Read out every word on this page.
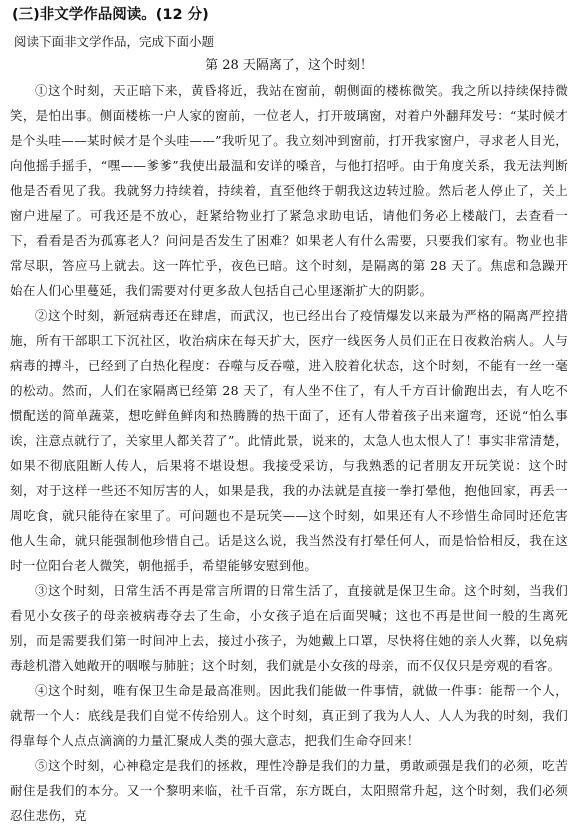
(三)非文学作品阅读。(12 分)
阅读下面非文学作品，完成下面小题
第 28 天隔离了，这个时刻！

①这个时刻，天正暗下来，黄昏将近，我站在窗前，朝侧面的楼栋微笑。我之所以持续保持微笑，是怕出事。侧面楼栋一户人家的窗前，一位老人，打开玻璃窗，对着户外翻拜发号：“某时候才是个头哇——某时候才是个头哇——”我听见了。我立刻冲到窗前，打开我家窗户，寻求老人目光，向他摇手摇手，“嘿——爹爹”我使出最温和安详的嗓音，与他打招呼。由于角度关系，我无法判断他是否看见了我。我就努力持续着，持续着，直至他终于朝我这边转过脸。然后老人停止了，关上窗户进屋了。可我还是不放心，赶紧给物业打了紧急求助电话，请他们务必上楼敲门，去查看一下，看看是否为孤寡老人？问问是否发生了困难？如果老人有什么需要，只要我们家有。物业也非常尽职，答应马上就去。这一阵忙乎，夜色已暗。这个时刻，是隔离的第 28 天了。焦虑和急躁开始在人们心里蔓延，我们需要对付更多敌人包括自己心里逐渐扩大的阴影。

②这个时刻，新冠病毒还在肆虐，而武汉，也已经出台了疫情爆发以来最为严格的隔离严控措施，所有干部职工下沉社区，收治病床在每天扩大，医疗一线医务人员们正在日夜救治病人。人与病毒的搏斗，已经到了白热化程度：吞噬与反吞噬，进入胶着化状态，这个时刻，不能有一丝一毫的松动。然而，人们在家隔离已经第 28 天了，有人坐不住了，有人千方百计偷跑出去，有人吃不惯配送的简单蔬菜，想吃鲜鱼鲜肉和热腾腾的热干面了，还有人带着孩子出来遛弯，还说“怕么事诶，注意点就行了，关家里人都关苕了”。此情此景，说来的，太急人也太恨人了！事实非常清楚，如果不彻底阻断人传人，后果将不堪设想。我接受采访，与我熟悉的记者朋友开玩笑说：这个时刻，对于这样一些还不知厉害的人，如果是我，我的办法就是直接一拳打晕他，抱他回家，再丢一周吃食，就只能待在家里了。可问题也不是玩笑——这个时刻，如果还有人不珍惜生命同时还危害他人生命，就只能强制他珍惜自己。话是这么说，我当然没有打晕任何人，而是恰恰相反，我在这时一位阳台老人微笑，朝他摇手，希望能够安慰到他。

③这个时刻，日常生活不再是常言所谓的日常生活了，直接就是保卫生命。这个时刻，当我们看见小女孩子的母亲被病毒夺去了生命，小女孩子追在后面哭喊；这也不再是世间一般的生离死别，而是需要我们第一时间冲上去，接过小孩子，为她戴上口罩，尽快将住她的亲人火葬，以免病毒趁机潜入她敞开的咽喉与肺脏；这个时刻，我们就是小女孩的母亲，而不仅仅只是旁观的看客。

④这个时刻，唯有保卫生命是最高准则。因此我们能做一件事情，就做一件事：能帮一个人，就帮一个人：底线是我们自觉不传给别人。这个时刻，真正到了我为人人、人人为我的时刻，我们得靠每个人点点滴滴的力量汇聚成人类的强大意志，把我们生命夺回来！

⑤这个时刻，心神稳定是我们的拯救，理性冷静是我们的力量，勇敢顽强是我们的必须，吃苦耐住是我们的本分。又一个黎明来临，社千百常，东方既白，太阳照常升起，这个时刻，我们必须忍住悲伤，克
